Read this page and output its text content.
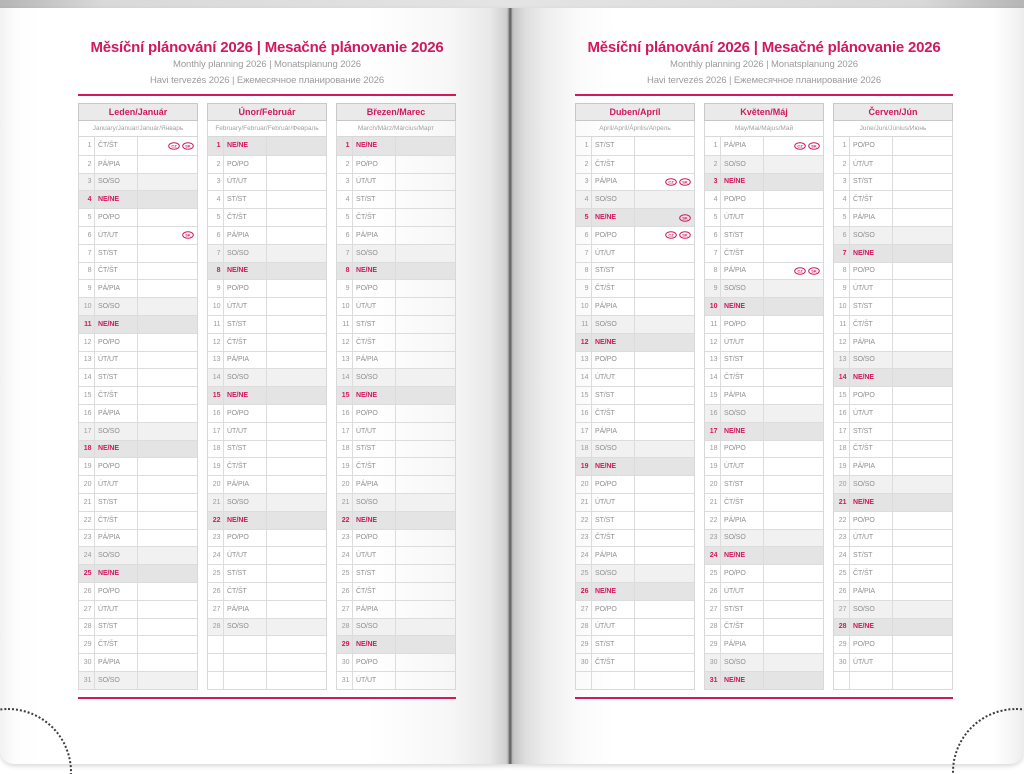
Měsíční plánování 2026 | Mesačné plánovanie 2026
Monthly planning 2026 | Monatsplanung 2026
Havi tervezés 2026 | Ежемесячное планирование 2026
Leden/Január
January/Januar/Január/Январь
1 ČT/ŠT	CZ SK
2 PÁ/PIA
3 SO/SO
4 NE/NE
5 PO/PO
6 ÚT/UT	SK
7 ST/ST
8 ČT/ŠT
9 PÁ/PIA
10 SO/SO
11 NE/NE
12 PO/PO
13 ÚT/UT
14 ST/ST
15 ČT/ŠT
16 PÁ/PIA
17 SO/SO
18 NE/NE
19 PO/PO
20 ÚT/UT
21 ST/ST
22 ČT/ŠT
23 PÁ/PIA
24 SO/SO
25 NE/NE
26 PO/PO
27 ÚT/UT
28 ST/ST
29 ČT/ŠT
30 PÁ/PIA
31 SO/SO
Únor/Február
February/Februar/Február/Февраль
1 NE/NE
2 PO/PO
3 ÚT/UT
4 ST/ST
5 ČT/ŠT
6 PÁ/PIA
7 SO/SO
8 NE/NE
9 PO/PO
10 ÚT/UT
11 ST/ST
12 ČT/ŠT
13 PÁ/PIA
14 SO/SO
15 NE/NE
16 PO/PO
17 ÚT/UT
18 ST/ST
19 ČT/ŠT
20 PÁ/PIA
21 SO/SO
22 NE/NE
23 PO/PO
24 ÚT/UT
25 ST/ST
26 ČT/ŠT
27 PÁ/PIA
28 SO/SO
Březen/Marec
March/März/Március/Март
1 NE/NE
2 PO/PO
3 ÚT/UT
4 ST/ST
5 ČT/ŠT
6 PÁ/PIA
7 SO/SO
8 NE/NE
9 PO/PO
10 ÚT/UT
11 ST/ST
12 ČT/ŠT
13 PÁ/PIA
14 SO/SO
15 NE/NE
16 PO/PO
17 ÚT/UT
18 ST/ST
19 ČT/ŠT
20 PÁ/PIA
21 SO/SO
22 NE/NE
23 PO/PO
24 ÚT/UT
25 ST/ST
26 ČT/ŠT
27 PÁ/PIA
28 SO/SO
29 NE/NE
30 PO/PO
31 ÚT/UT
Měsíční plánování 2026 | Mesačné plánovanie 2026
Monthly planning 2026 | Monatsplanung 2026
Havi tervezés 2026 | Ежемесячное планирование 2026
Duben/Apríl
April/Apríl/Április/Апрель
1 ST/ST
2 ČT/ŠT
3 PÁ/PIA	CZ SK
4 SO/SO
5 NE/NE	SK
6 PO/PO	CZ SK
7 ÚT/UT
8 ST/ST
9 ČT/ŠT
10 PÁ/PIA
11 SO/SO
12 NE/NE
13 PO/PO
14 ÚT/UT
15 ST/ST
16 ČT/ŠT
17 PÁ/PIA
18 SO/SO
19 NE/NE
20 PO/PO
21 ÚT/UT
22 ST/ST
23 ČT/ŠT
24 PÁ/PIA
25 SO/SO
26 NE/NE
27 PO/PO
28 ÚT/UT
29 ST/ST
30 ČT/ŠT
Květen/Máj
May/Mai/Május/Май
1 PÁ/PIA	CZ SK
2 SO/SO
3 NE/NE
4 PO/PO
5 ÚT/UT
6 ST/ST
7 ČT/ŠT
8 PÁ/PIA	CZ SK
9 SO/SO
10 NE/NE
11 PO/PO
12 ÚT/UT
13 ST/ST
14 ČT/ŠT
15 PÁ/PIA
16 SO/SO
17 NE/NE
18 PO/PO
19 ÚT/UT
20 ST/ST
21 ČT/ŠT
22 PÁ/PIA
23 SO/SO
24 NE/NE
25 PO/PO
26 ÚT/UT
27 ST/ST
28 ČT/ŠT
29 PÁ/PIA
30 SO/SO
31 NE/NE
Červen/Jún
June/Juni/Június/Июнь
1 PO/PO
2 ÚT/UT
3 ST/ST
4 ČT/ŠT
5 PÁ/PIA
6 SO/SO
7 NE/NE
8 PO/PO
9 ÚT/UT
10 ST/ST
11 ČT/ŠT
12 PÁ/PIA
13 SO/SO
14 NE/NE
15 PO/PO
16 ÚT/UT
17 ST/ST
18 ČT/ŠT
19 PÁ/PIA
20 SO/SO
21 NE/NE
22 PO/PO
23 ÚT/UT
24 ST/ST
25 ČT/ŠT
26 PÁ/PIA
27 SO/SO
28 NE/NE
29 PO/PO
30 ÚT/UT
